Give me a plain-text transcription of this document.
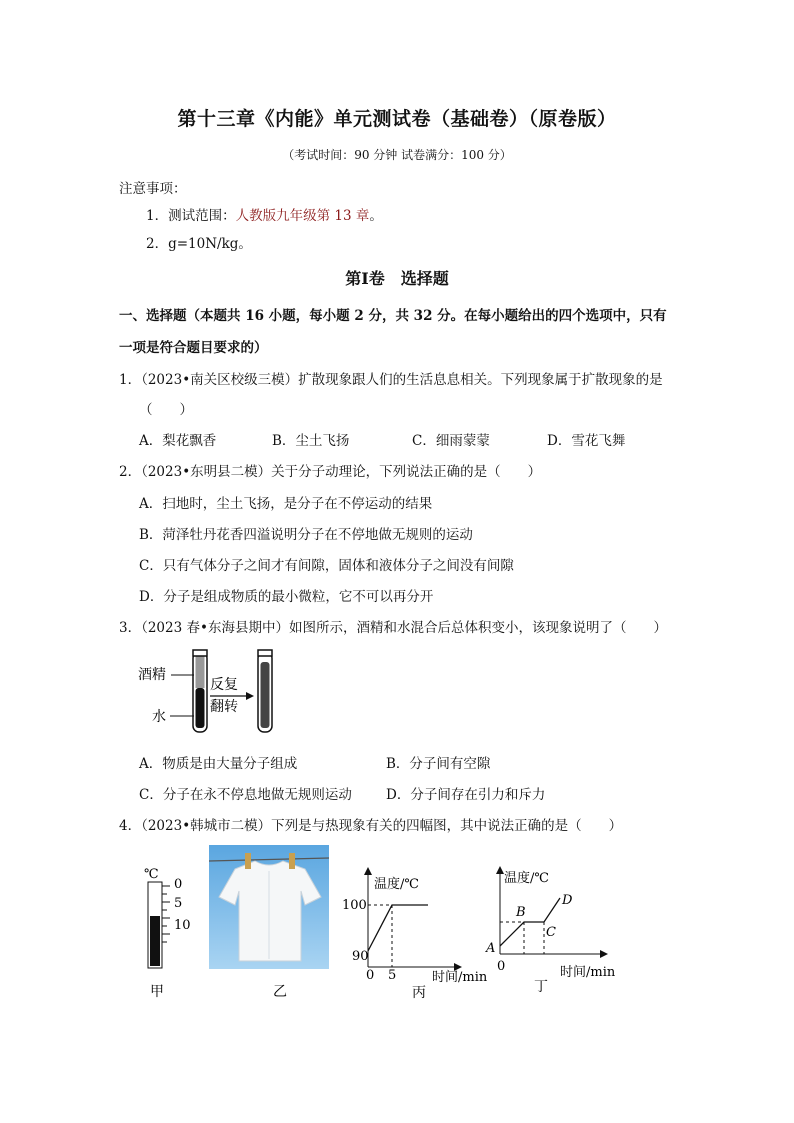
第十三章《内能》单元测试卷（基础卷）（原卷版）
（考试时间：90 分钟 试卷满分：100 分）
注意事项：
1．测试范围：人教版九年级第 13 章。
2．g=10N/kg。
第Ⅰ卷　选择题
一、选择题（本题共 16 小题，每小题 2 分，共 32 分。在每小题给出的四个选项中，只有
一项是符合题目要求的）
1．（2023•南关区校级三模）扩散现象跟人们的生活息息相关。下列现象属于扩散现象的是
（　　）
A．梨花飘香	B．尘土飞扬	C．细雨蒙蒙	D．雪花飞舞
2．（2023•东明县二模）关于分子动理论，下列说法正确的是（　　）
A．扫地时，尘土飞扬，是分子在不停运动的结果
B．菏泽牡丹花香四溢说明分子在不停地做无规则的运动
C．只有气体分子之间才有间隙，固体和液体分子之间没有间隙
D．分子是组成物质的最小微粒，它不可以再分开
3．（2023 春•东海县期中）如图所示，酒精和水混合后总体积变小，该现象说明了（　　）
酒精
水
反复
翻转
A．物质是由大量分子组成	B．分子间有空隙
C．分子在永不停息地做无规则运动	D．分子间存在引力和斥力
4．（2023•韩城市二模）下列是与热现象有关的四幅图，其中说法正确的是（　　）
℃
0
5
10
甲	乙
温度/℃
时间/min
100
90
0 5
丙
温度/℃
时间/min
0
A
B
C
D
丁
